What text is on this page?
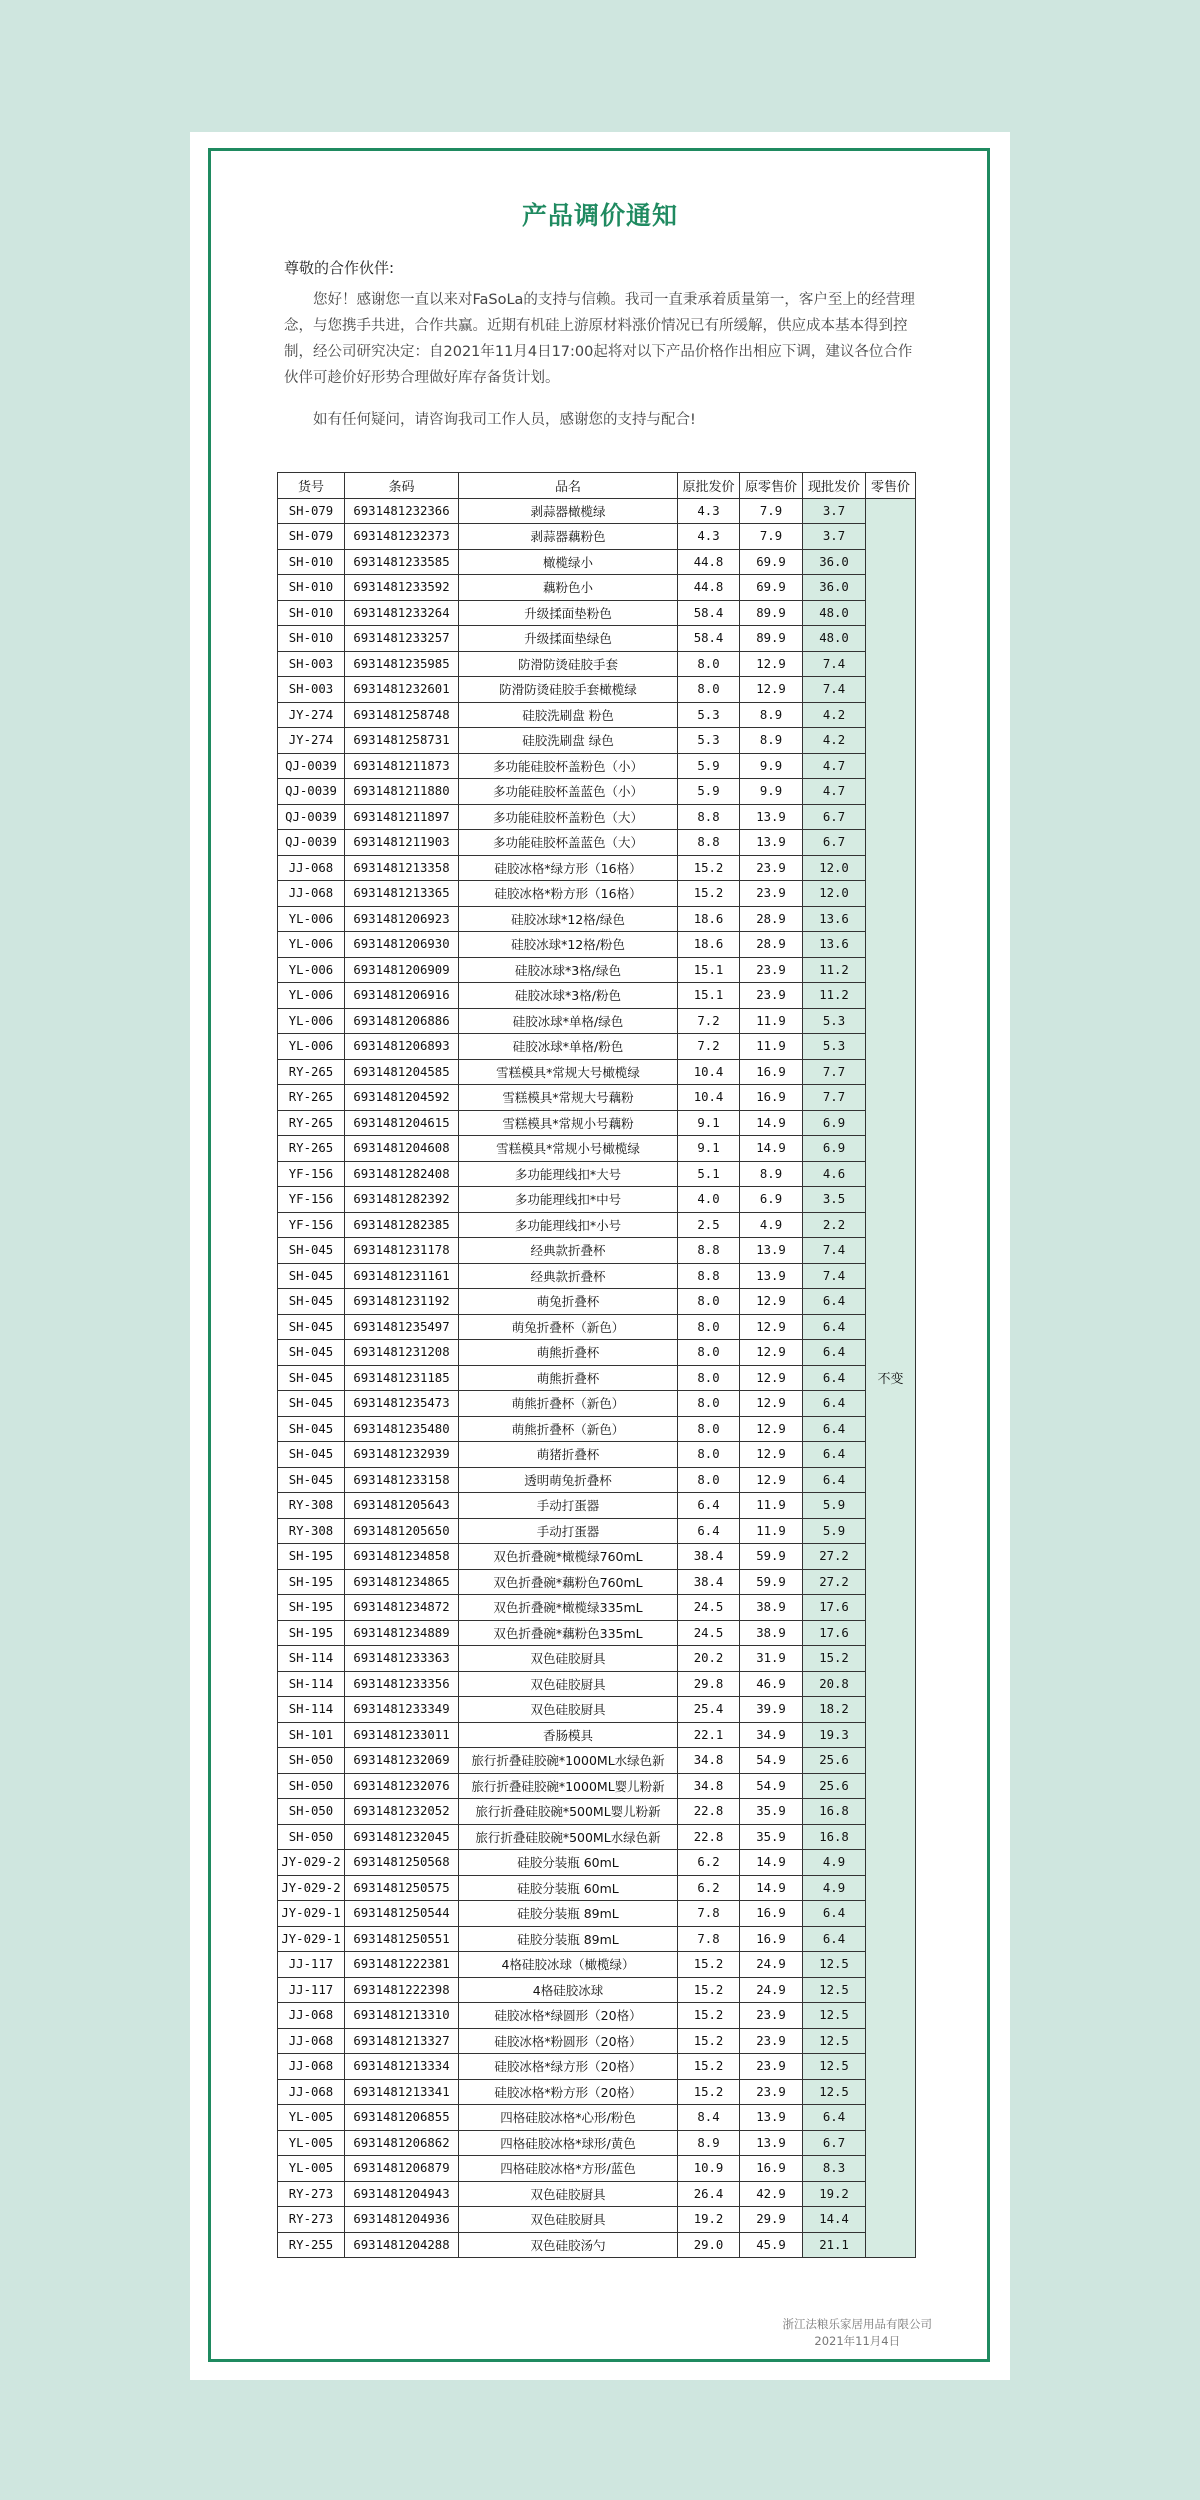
产品调价通知
尊敬的合作伙伴:
您好！感谢您一直以来对FaSoLa的支持与信赖。我司一直秉承着质量第一，客户至上的经营理念，与您携手共进，合作共赢。近期有机硅上游原材料涨价情况已有所缓解，供应成本基本得到控制，经公司研究决定：自2021年11月4日17:00起将对以下产品价格作出相应下调，建议各位合作伙伴可趁价好形势合理做好库存备货计划。
如有任何疑问，请咨询我司工作人员，感谢您的支持与配合!
货号	条码	品名	原批发价	原零售价	现批发价	零售价
SH-079	6931481232366	剥蒜器橄榄绿	4.3	7.9	3.7	不变
SH-079	6931481232373	剥蒜器藕粉色	4.3	7.9	3.7	
SH-010	6931481233585	橄榄绿小	44.8	69.9	36.0	
SH-010	6931481233592	藕粉色小	44.8	69.9	36.0	
SH-010	6931481233264	升级揉面垫粉色	58.4	89.9	48.0	
SH-010	6931481233257	升级揉面垫绿色	58.4	89.9	48.0	
SH-003	6931481235985	防滑防烫硅胶手套	8.0	12.9	7.4	
SH-003	6931481232601	防滑防烫硅胶手套橄榄绿	8.0	12.9	7.4	
JY-274	6931481258748	硅胶洗刷盘 粉色	5.3	8.9	4.2	
JY-274	6931481258731	硅胶洗刷盘 绿色	5.3	8.9	4.2	
QJ-0039	6931481211873	多功能硅胶杯盖粉色（小）	5.9	9.9	4.7	
QJ-0039	6931481211880	多功能硅胶杯盖蓝色（小）	5.9	9.9	4.7	
QJ-0039	6931481211897	多功能硅胶杯盖粉色（大）	8.8	13.9	6.7	
QJ-0039	6931481211903	多功能硅胶杯盖蓝色（大）	8.8	13.9	6.7	
JJ-068	6931481213358	硅胶冰格*绿方形（16格）	15.2	23.9	12.0	
JJ-068	6931481213365	硅胶冰格*粉方形（16格）	15.2	23.9	12.0	
YL-006	6931481206923	硅胶冰球*12格/绿色	18.6	28.9	13.6	
YL-006	6931481206930	硅胶冰球*12格/粉色	18.6	28.9	13.6	
YL-006	6931481206909	硅胶冰球*3格/绿色	15.1	23.9	11.2	
YL-006	6931481206916	硅胶冰球*3格/粉色	15.1	23.9	11.2	
YL-006	6931481206886	硅胶冰球*单格/绿色	7.2	11.9	5.3	
YL-006	6931481206893	硅胶冰球*单格/粉色	7.2	11.9	5.3	
RY-265	6931481204585	雪糕模具*常规大号橄榄绿	10.4	16.9	7.7	
RY-265	6931481204592	雪糕模具*常规大号藕粉	10.4	16.9	7.7	
RY-265	6931481204615	雪糕模具*常规小号藕粉	9.1	14.9	6.9	
RY-265	6931481204608	雪糕模具*常规小号橄榄绿	9.1	14.9	6.9	
YF-156	6931481282408	多功能理线扣*大号	5.1	8.9	4.6	
YF-156	6931481282392	多功能理线扣*中号	4.0	6.9	3.5	
YF-156	6931481282385	多功能理线扣*小号	2.5	4.9	2.2	
SH-045	6931481231178	经典款折叠杯	8.8	13.9	7.4	
SH-045	6931481231161	经典款折叠杯	8.8	13.9	7.4	
SH-045	6931481231192	萌兔折叠杯	8.0	12.9	6.4	
SH-045	6931481235497	萌兔折叠杯（新色）	8.0	12.9	6.4	
SH-045	6931481231208	萌熊折叠杯	8.0	12.9	6.4	
SH-045	6931481231185	萌熊折叠杯	8.0	12.9	6.4	
SH-045	6931481235473	萌熊折叠杯（新色）	8.0	12.9	6.4	
SH-045	6931481235480	萌熊折叠杯（新色）	8.0	12.9	6.4	
SH-045	6931481232939	萌猪折叠杯	8.0	12.9	6.4	
SH-045	6931481233158	透明萌兔折叠杯	8.0	12.9	6.4	
RY-308	6931481205643	手动打蛋器	6.4	11.9	5.9	
RY-308	6931481205650	手动打蛋器	6.4	11.9	5.9	
SH-195	6931481234858	双色折叠碗*橄榄绿760mL	38.4	59.9	27.2	
SH-195	6931481234865	双色折叠碗*藕粉色760mL	38.4	59.9	27.2	
SH-195	6931481234872	双色折叠碗*橄榄绿335mL	24.5	38.9	17.6	
SH-195	6931481234889	双色折叠碗*藕粉色335mL	24.5	38.9	17.6	
SH-114	6931481233363	双色硅胶厨具	20.2	31.9	15.2	
SH-114	6931481233356	双色硅胶厨具	29.8	46.9	20.8	
SH-114	6931481233349	双色硅胶厨具	25.4	39.9	18.2	
SH-101	6931481233011	香肠模具	22.1	34.9	19.3	
SH-050	6931481232069	旅行折叠硅胶碗*1000ML水绿色新	34.8	54.9	25.6	
SH-050	6931481232076	旅行折叠硅胶碗*1000ML婴儿粉新	34.8	54.9	25.6	
SH-050	6931481232052	旅行折叠硅胶碗*500ML婴儿粉新	22.8	35.9	16.8	
SH-050	6931481232045	旅行折叠硅胶碗*500ML水绿色新	22.8	35.9	16.8	
JY-029-2	6931481250568	硅胶分装瓶 60mL	6.2	14.9	4.9	
JY-029-2	6931481250575	硅胶分装瓶 60mL	6.2	14.9	4.9	
JY-029-1	6931481250544	硅胶分装瓶 89mL	7.8	16.9	6.4	
JY-029-1	6931481250551	硅胶分装瓶 89mL	7.8	16.9	6.4	
JJ-117	6931481222381	4格硅胶冰球（橄榄绿）	15.2	24.9	12.5	
JJ-117	6931481222398	4格硅胶冰球	15.2	24.9	12.5	
JJ-068	6931481213310	硅胶冰格*绿圆形（20格）	15.2	23.9	12.5	
JJ-068	6931481213327	硅胶冰格*粉圆形（20格）	15.2	23.9	12.5	
JJ-068	6931481213334	硅胶冰格*绿方形（20格）	15.2	23.9	12.5	
JJ-068	6931481213341	硅胶冰格*粉方形（20格）	15.2	23.9	12.5	
YL-005	6931481206855	四格硅胶冰格*心形/粉色	8.4	13.9	6.4	
YL-005	6931481206862	四格硅胶冰格*球形/黄色	8.9	13.9	6.7	
YL-005	6931481206879	四格硅胶冰格*方形/蓝色	10.9	16.9	8.3	
RY-273	6931481204943	双色硅胶厨具	26.4	42.9	19.2	
RY-273	6931481204936	双色硅胶厨具	19.2	29.9	14.4	
RY-255	6931481204288	双色硅胶汤勺	29.0	45.9	21.1	
浙江法粮乐家居用品有限公司
2021年11月4日
